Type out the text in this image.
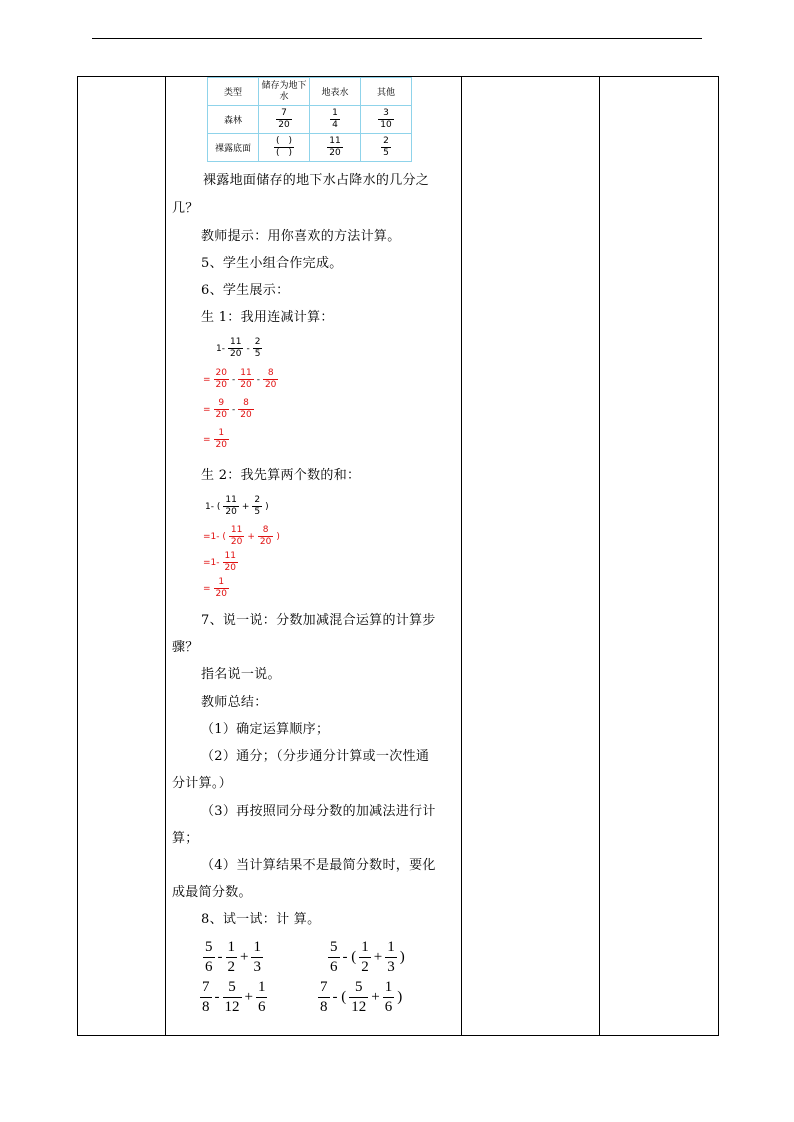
类型	储存为地下水	地表水	其他
森林	$\frac{7}{20}$	$\frac{1}{4}$	$\frac{3}{10}$

裸露底面	$\frac{( )}{( )}$	$\frac{11}{20}$	$\frac{2}{5}$
裸露地面储存的地下水占降水的几分之
几？
教师提示：用你喜欢的方法计算。
5、学生小组合作完成。
6、学生展示：
生 1：我用连减计算：
$1- \frac{11}{20} - \frac{2}{5}$
= $\frac{20}{20} - \frac{11}{20} - \frac{8}{20}$
= $\frac{9}{20} - \frac{8}{20}$
= $\frac{1}{20}$
生 2：我先算两个数的和：
1- ( $\frac{11}{20} + \frac{2}{5}$ )
=1- ( $\frac{11}{20} + \frac{8}{20}$ )
$=1- \frac{11}{20}$
= $\frac{1}{20}$
7、说一说：分数加减混合运算的计算步
骤？
指名说一说。
教师总结：
（1）确定运算顺序；
（2）通分；（分步通分计算或一次性通
分计算。）
（3）再按照同分母分数的加减法进行计
算；
（4）当计算结果不是最简分数时，要化
成最简分数。
8、试一试：计 算。
$\frac{5}{6} - \frac{1}{2} + \frac{1}{3}$	$\frac{5}{6}$ - ( $\frac{1}{2} + \frac{1}{3}$ )
$\frac{7}{8} - \frac{5}{12} + \frac{1}{6}$	$\frac{7}{8}$ - ( $\frac{5}{12} + \frac{1}{6}$ )
